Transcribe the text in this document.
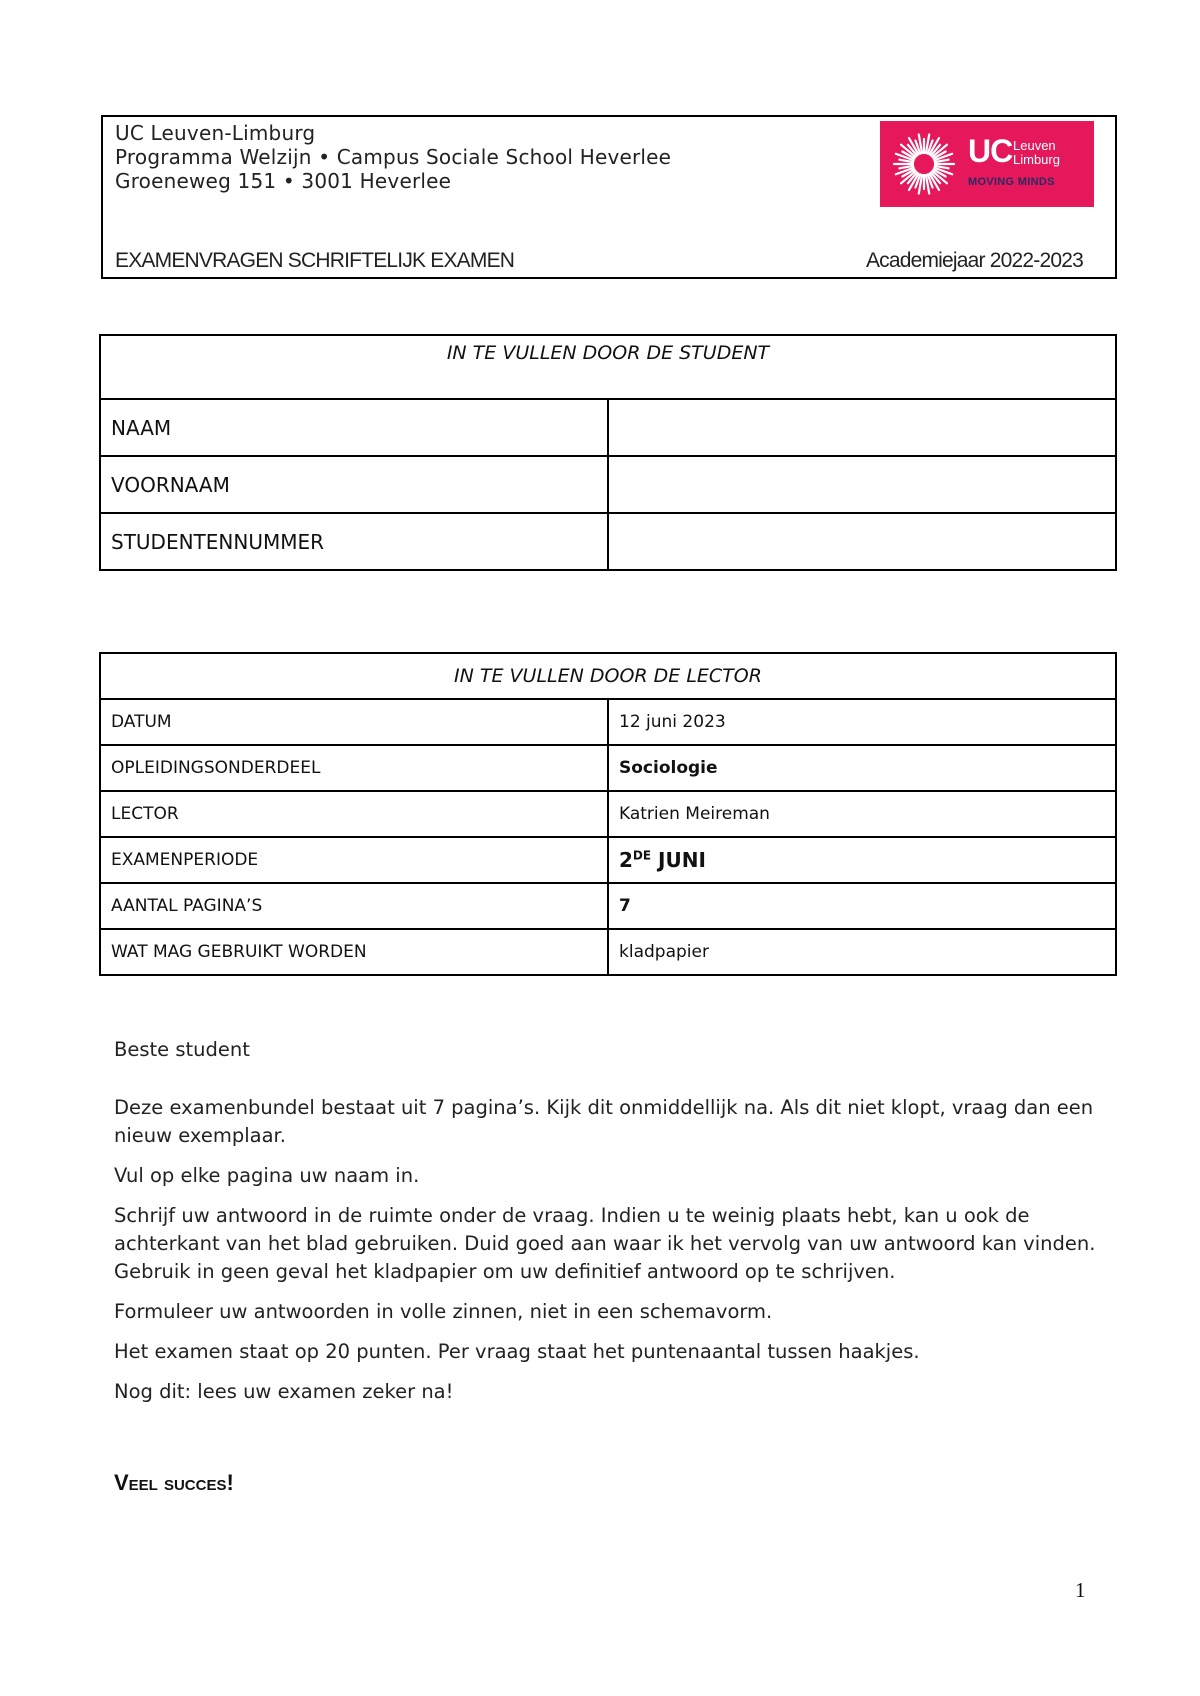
UC Leuven-Limburg
Programma Welzijn • Campus Sociale School Heverlee
Groeneweg 151 • 3001 Heverlee
EXAMENVRAGEN SCHRIFTELIJK EXAMEN	Academiejaar 2022-2023
UC Leuven
Limburg
MOVING MINDS
IN TE VULLEN DOOR DE STUDENT	
NAAM	
VOORNAAM	
STUDENTENNUMMER	
IN TE VULLEN DOOR DE LECTOR	
DATUM	12 juni 2023
OPLEIDINGSONDERDEEL	Sociologie
LECTOR	Katrien Meireman
EXAMENPERIODE	2DE JUNI
AANTAL PAGINA’S	7
WAT MAG GEBRUIKT WORDEN	kladpapier

Beste student

Deze examenbundel bestaat uit 7 pagina’s. Kijk dit onmiddellijk na. Als dit niet klopt, vraag dan een nieuw exemplaar.

Vul op elke pagina uw naam in.

Schrijf uw antwoord in de ruimte onder de vraag. Indien u te weinig plaats hebt, kan u ook de achterkant van het blad gebruiken. Duid goed aan waar ik het vervolg van uw antwoord kan vinden. Gebruik in geen geval het kladpapier om uw definitief antwoord op te schrijven.

Formuleer uw antwoorden in volle zinnen, niet in een schemavorm.

Het examen staat op 20 punten. Per vraag staat het puntenaantal tussen haakjes.

Nog dit: lees uw examen zeker na!

Veel succes!
1
